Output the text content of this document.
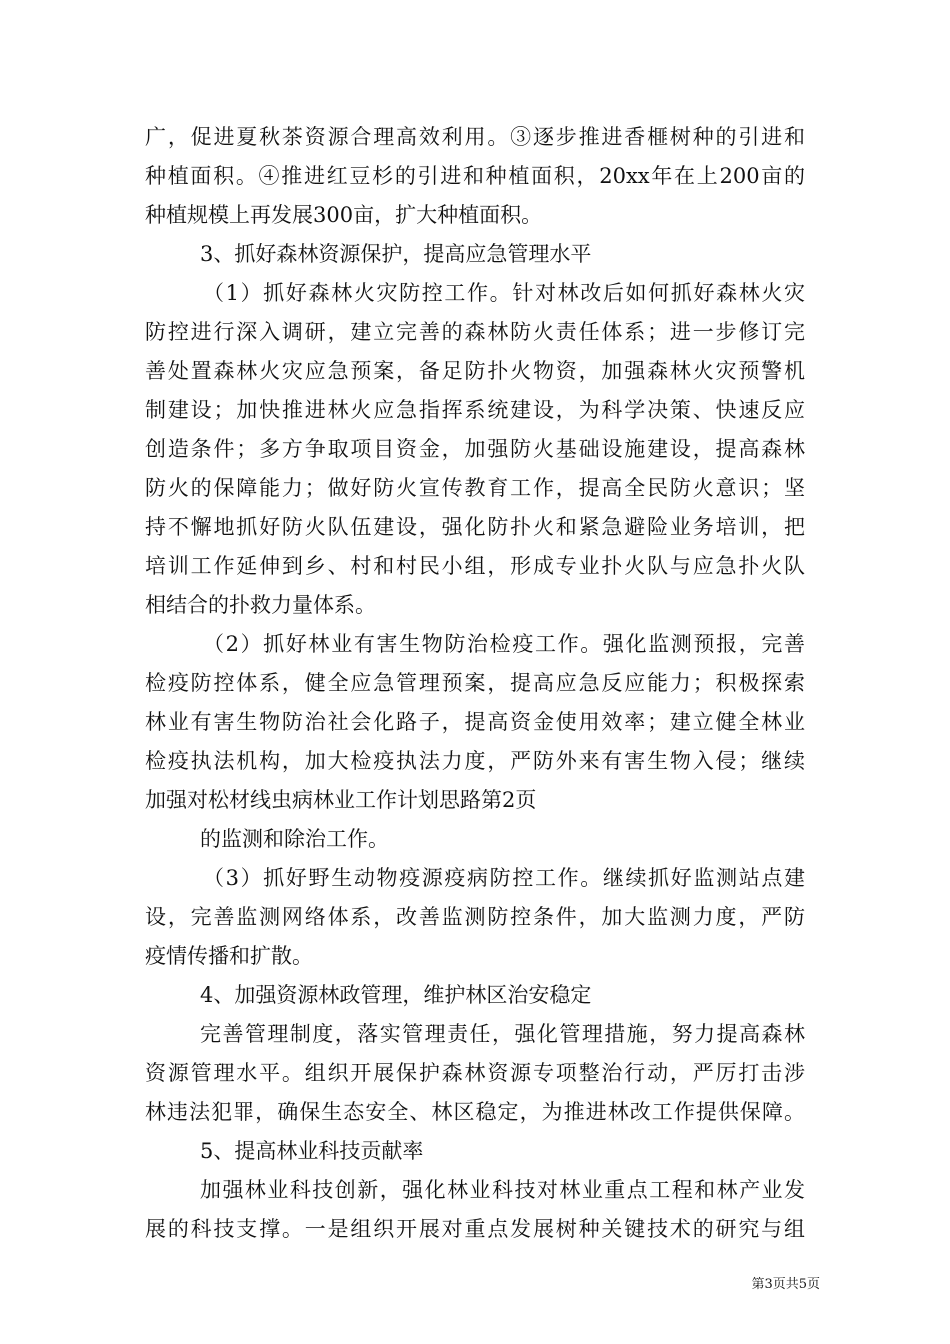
广，促进夏秋茶资源合理高效利用。③逐步推进香榧树种的引进和
种植面积。④推进红豆杉的引进和种植面积，20xx年在上200亩的
种植规模上再发展300亩，扩大种植面积。
3、抓好森林资源保护，提高应急管理水平
（1）抓好森林火灾防控工作。针对林改后如何抓好森林火灾
防控进行深入调研，建立完善的森林防火责任体系；进一步修订完
善处置森林火灾应急预案，备足防扑火物资，加强森林火灾预警机
制建设；加快推进林火应急指挥系统建设，为科学决策、快速反应
创造条件；多方争取项目资金，加强防火基础设施建设，提高森林
防火的保障能力；做好防火宣传教育工作，提高全民防火意识；坚
持不懈地抓好防火队伍建设，强化防扑火和紧急避险业务培训，把
培训工作延伸到乡、村和村民小组，形成专业扑火队与应急扑火队
相结合的扑救力量体系。
（2）抓好林业有害生物防治检疫工作。强化监测预报，完善
检疫防控体系，健全应急管理预案，提高应急反应能力；积极探索
林业有害生物防治社会化路子，提高资金使用效率；建立健全林业
检疫执法机构，加大检疫执法力度，严防外来有害生物入侵；继续
加强对松材线虫病林业工作计划思路第2页
的监测和除治工作。
（3）抓好野生动物疫源疫病防控工作。继续抓好监测站点建
设，完善监测网络体系，改善监测防控条件，加大监测力度，严防
疫情传播和扩散。
4、加强资源林政管理，维护林区治安稳定
完善管理制度，落实管理责任，强化管理措施，努力提高森林
资源管理水平。组织开展保护森林资源专项整治行动，严厉打击涉
林违法犯罪，确保生态安全、林区稳定，为推进林改工作提供保障。
5、提高林业科技贡献率
加强林业科技创新，强化林业科技对林业重点工程和林产业发
展的科技支撑。一是组织开展对重点发展树种关键技术的研究与组
第3页共5页
